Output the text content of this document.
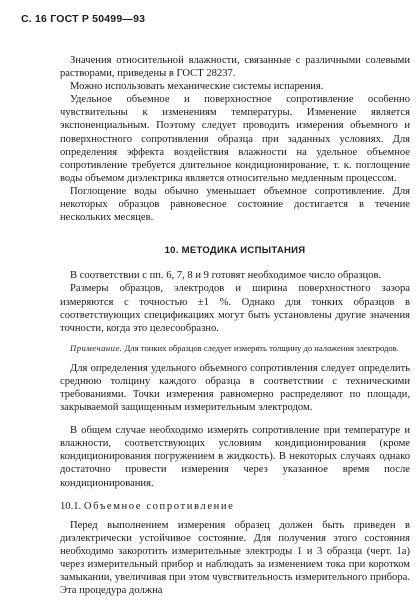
С. 16 ГОСТ Р 50499—93

Значения относительной влажности, связанные с различными солевыми растворами, приведены в ГОСТ 28237.

Можно использовать механические системы испарения.

Удельное объемное и поверхностное сопротивление особенно чувствительны к изменениям температуры. Изменение является экспоненциальным. Поэтому следует проводить измерения объемного и поверхностного сопротивления образца при заданных условиях. Для определения эффекта воздействия влажности на удельное объемное сопротивление требуется длительное кондиционирование, т. к. поглощение воды объемом диэлектрика является относительно медленным процессом.

Поглощение воды обычно уменьшает объемное сопротивление. Для некоторых образцов равновесное состояние достигается в течение нескольких месяцев.

10. МЕТОДИКА ИСПЫТАНИЯ

В соответствии с пп. 6, 7, 8 и 9 готовят необходимое число образцов.

Размеры образцов, электродов и ширина поверхностного зазора измеряются с точностью ±1 %. Однако для тонких образцов в соответствующих спецификациях могут быть установлены другие значения точности, когда это целесообразно.

Примечание. Для тонких образцов следует измерять толщину до наложения электродов.

Для определения удельного объемного сопротивления следует определить среднюю толщину каждого образца в соответствии с техническими требованиями. Точки измерения равномерно распределяют по площади, закрываемой защищенным измерительным электродом.

В общем случае необходимо измерять сопротивление при температуре и влажности, соответствующих условиям кондиционирования (кроме кондиционирования погружением в жидкость). В некоторых случаях однако достаточно провести измерения через указанное время после кондиционирования.

10.1. Объемное сопротивление

Перед выполнением измерения образец должен быть приведен в диэлектрически устойчивое состояние. Для получения этого состояния необходимо закоротить измерительные электроды 1 и 3 образца (черт. 1а) через измерительный прибор и наблюдать за изменением тока при коротком замыкании, увеличивая при этом чувствительность измерительного прибора. Эта процедура должна
